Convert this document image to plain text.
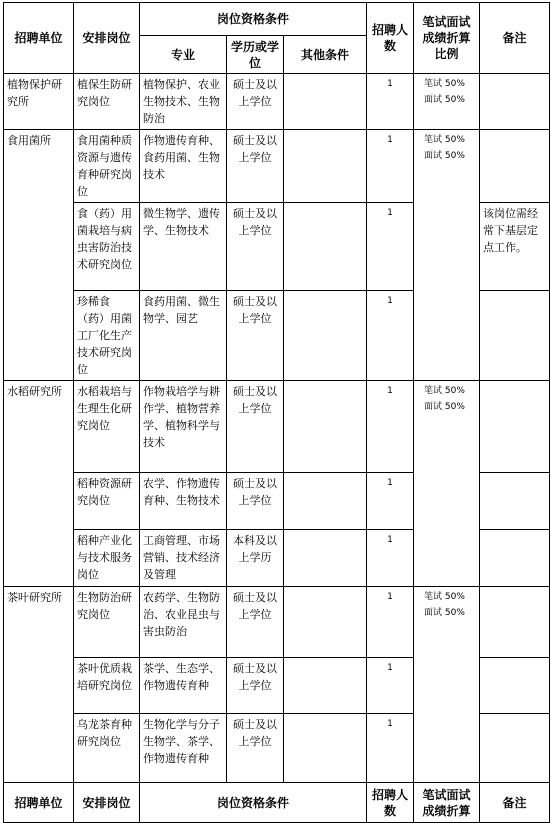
招聘单位	安排岗位	岗位资格条件			招聘人数	笔试面试成绩折算比例	备注
		专业	学历或学位	其他条件			
植物保护研究所	植保生防研究岗位	植物保护、农业生物技术、生物防治	硕士及以上学位		1	笔试 50%
面试 50%	
食用菌所	食用菌种质资源与遗传育种研究岗位	作物遗传育种、食药用菌、生物技术	硕士及以上学位		1	笔试 50%
面试 50%	
	食（药）用菌栽培与病虫害防治技术研究岗位	微生物学、遗传学、生物技术	硕士及以上学位		1		该岗位需经常下基层定点工作。
	珍稀食（药）用菌工厂化生产技术研究岗位	食药用菌、微生物学、园艺	硕士及以上学位		1		
水稻研究所	水稻栽培与生理生化研究岗位	作物栽培学与耕作学、植物营养学、植物科学与技术	硕士及以上学位		1	笔试 50%
面试 50%	
	稻种资源研究岗位	农学、作物遗传育种、生物技术	硕士及以上学位		1		
	稻种产业化与技术服务岗位	工商管理、市场营销、技术经济及管理	本科及以上学历		1		
茶叶研究所	生物防治研究岗位	农药学、生物防治、农业昆虫与害虫防治	硕士及以上学位		1	笔试 50%
面试 50%	
	茶叶优质栽培研究岗位	茶学、生态学、作物遗传育种	硕士及以上学位		1		
	乌龙茶育种研究岗位	生物化学与分子生物学、茶学、作物遗传育种	硕士及以上学位		1		
招聘单位	安排岗位	岗位资格条件			招聘人数	笔试面试成绩折算	备注
